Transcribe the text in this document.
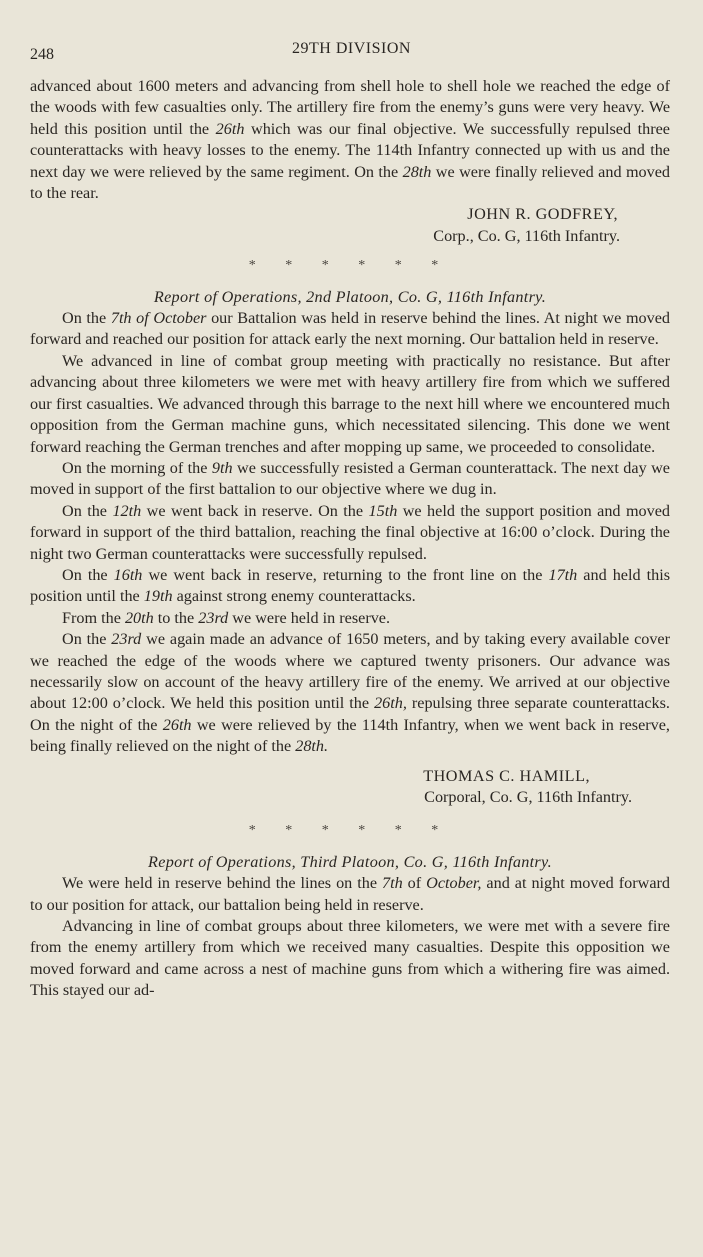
248	29TH DIVISION

advanced about 1600 meters and advancing from shell hole to shell hole we reached the edge of the woods with few casualties only. The artillery fire from the enemy’s guns were very heavy. We held this position until the 26th which was our final objective. We successfully repulsed three counterattacks with heavy losses to the enemy. The 114th Infantry connected up with us and the next day we were relieved by the same regiment. On the 28th we were finally relieved and moved to the rear.

JOHN R. GODFREY,

Corp., Co. G, 116th Infantry.

* * * * * *

Report of Operations, 2nd Platoon, Co. G, 116th Infantry.

On the 7th of October our Battalion was held in reserve behind the lines. At night we moved forward and reached our position for attack early the next morning. Our battalion held in reserve.

We advanced in line of combat group meeting with practically no resistance. But after advancing about three kilometers we were met with heavy artillery fire from which we suffered our first casualties. We advanced through this barrage to the next hill where we encountered much opposition from the German machine guns, which necessitated silencing. This done we went forward reaching the German trenches and after mopping up same, we proceeded to consolidate.

On the morning of the 9th we successfully resisted a German counterattack. The next day we moved in support of the first battalion to our objective where we dug in.

On the 12th we went back in reserve. On the 15th we held the support position and moved forward in support of the third battalion, reaching the final objective at 16:00 o’clock. During the night two German counterattacks were successfully repulsed.

On the 16th we went back in reserve, returning to the front line on the 17th and held this position until the 19th against strong enemy counterattacks.

From the 20th to the 23rd we were held in reserve.

On the 23rd we again made an advance of 1650 meters, and by taking every available cover we reached the edge of the woods where we captured twenty prisoners. Our advance was necessarily slow on account of the heavy artillery fire of the enemy. We arrived at our objective about 12:00 o’clock. We held this position until the 26th, repulsing three separate counterattacks. On the night of the 26th we were relieved by the 114th Infantry, when we went back in reserve, being finally relieved on the night of the 28th.

THOMAS C. HAMILL,

Corporal, Co. G, 116th Infantry.

* * * * * *

Report of Operations, Third Platoon, Co. G, 116th Infantry.

We were held in reserve behind the lines on the 7th of October, and at night moved forward to our position for attack, our battalion being held in reserve.

Advancing in line of combat groups about three kilometers, we were met with a severe fire from the enemy artillery from which we received many casualties. Despite this opposition we moved forward and came across a nest of machine guns from which a withering fire was aimed. This stayed our ad-
